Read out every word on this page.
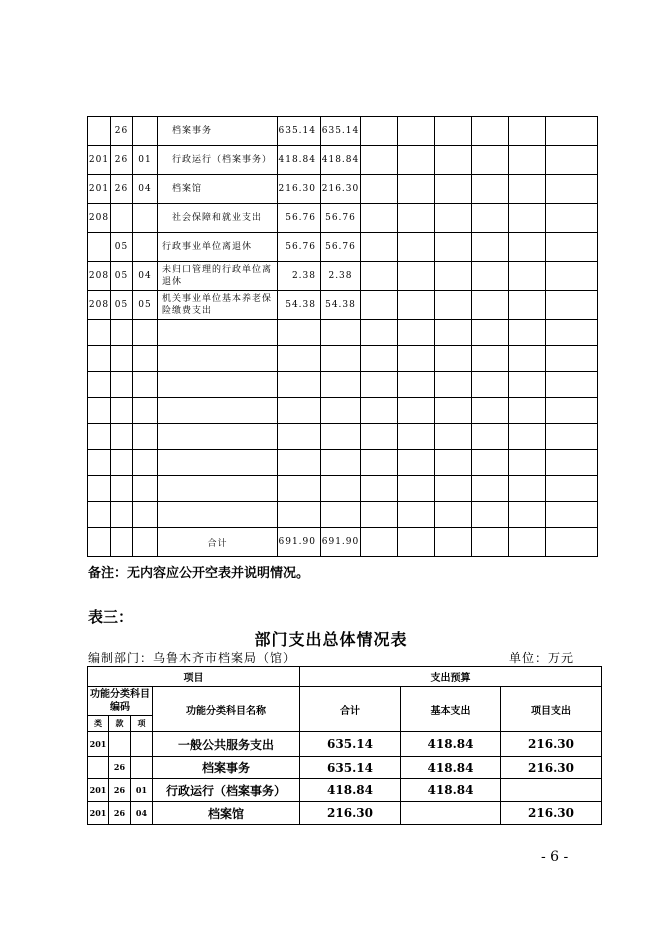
	26		档案事务	635.14	635.14						
201	26	01	行政运行（档案事务）	418.84	418.84						
201	26	04	档案馆	216.30	216.30						
208			社会保障和就业支出	56.76	56.76						
	05		行政事业单位离退休	56.76	56.76						
208	05	04	未归口管理的行政单位离退休	2.38	2.38						
208	05	05	机关事业单位基本养老保险缴费支出	54.38	54.38						

			合计	691.90	691.90						
备注：无内容应公开空表并说明情况。
表三：
部门支出总体情况表
编制部门：乌鲁木齐市档案局（馆）	单位：万元
项目				支出预算		
功能分类科目编码			功能分类科目名称	合计	基本支出	项目支出
类	款	项				
201			一般公共服务支出	635.14	418.84	216.30
	26		档案事务	635.14	418.84	216.30
201	26	01	行政运行（档案事务）	418.84	418.84	
201	26	04	档案馆	216.30		216.30
- 6 -
